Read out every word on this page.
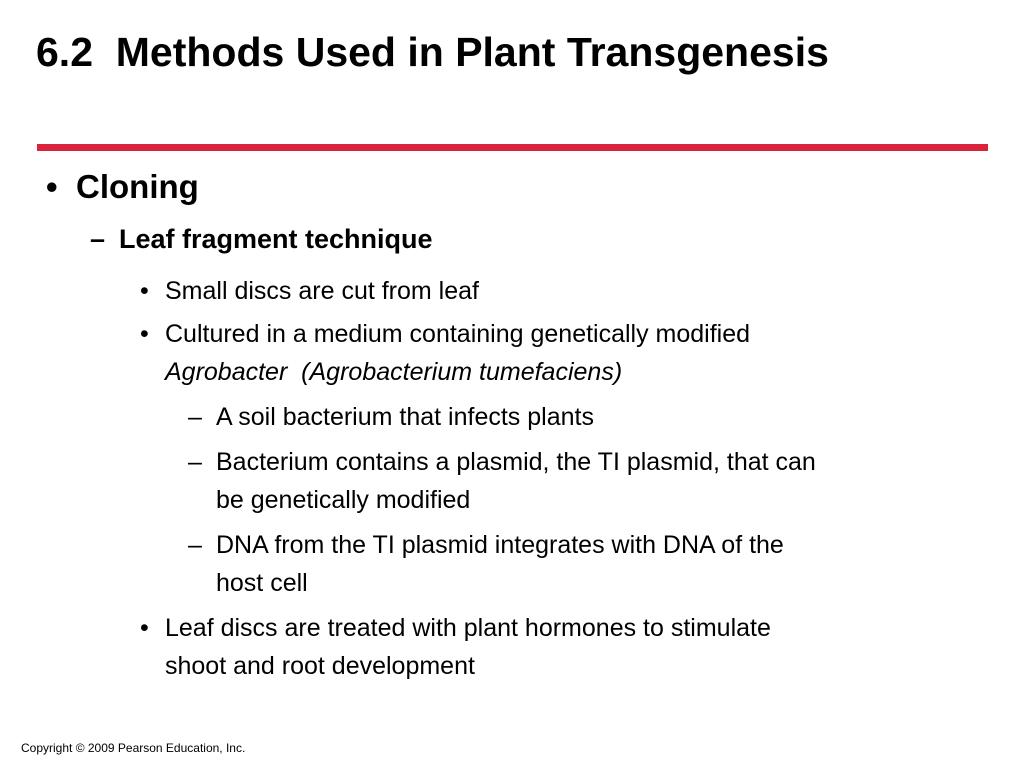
6.2  Methods Used in Plant Transgenesis
• Cloning
– Leaf fragment technique
• Small discs are cut from leaf
• Cultured in a medium containing genetically modified
Agrobacter  (Agrobacterium tumefaciens)
– A soil bacterium that infects plants
– Bacterium contains a plasmid, the TI plasmid, that can
be genetically modified
– DNA from the TI plasmid integrates with DNA of the
host cell
• Leaf discs are treated with plant hormones to stimulate
shoot and root development
Copyright © 2009 Pearson Education, Inc.
